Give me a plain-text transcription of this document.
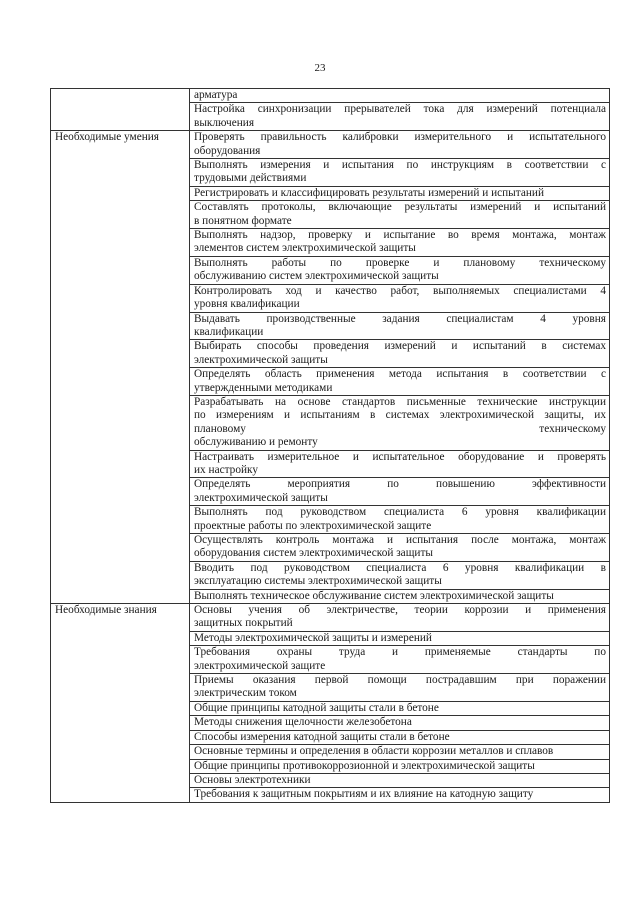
23

	арматура

	Настройка синхронизации прерывателей тока для измерений потенциала
выключения

Необходимые умения	Проверять правильность калибровки измерительного и испытательного
оборудования

	Выполнять измерения и испытания по инструкциям в соответствии с
трудовыми действиями

	Регистрировать и классифицировать результаты измерений и испытаний

	Составлять протоколы, включающие результаты измерений и испытаний
в понятном формате

	Выполнять надзор, проверку и испытание во время монтажа, монтаж
элементов систем электрохимической защиты

	Выполнять работы по проверке и плановому техническому
обслуживанию систем электрохимической защиты

	Контролировать ход и качество работ, выполняемых специалистами 4
уровня квалификации

	Выдавать производственные задания специалистам 4 уровня
квалификации

	Выбирать способы проведения измерений и испытаний в системах
электрохимической защиты

	Определять область применения метода испытания в соответствии с
утвержденными методиками

	Разрабатывать на основе стандартов письменные технические инструкции
по измерениям и испытаниям в системах электрохимической защиты, их
плановому техническому
обслуживанию и ремонту

	Настраивать измерительное и испытательное оборудование и проверять
их настройку

	Определять мероприятия по повышению эффективности
электрохимической защиты

	Выполнять под руководством специалиста 6 уровня квалификации
проектные работы по электрохимической защите

	Осуществлять контроль монтажа и испытания после монтажа, монтаж
оборудования систем электрохимической защиты

	Вводить под руководством специалиста 6 уровня квалификации в
эксплуатацию системы электрохимической защиты

	Выполнять техническое обслуживание систем электрохимической защиты

Необходимые знания	Основы учения об электричестве, теории коррозии и применения
защитных покрытий

	Методы электрохимической защиты и измерений

	Требования охраны труда и применяемые стандарты по
электрохимической защите

	Приемы оказания первой помощи пострадавшим при поражении
электрическим током

	Общие принципы катодной защиты стали в бетоне

	Методы снижения щелочности железобетона

	Способы измерения катодной защиты стали в бетоне

	Основные термины и определения в области коррозии металлов и сплавов

	Общие принципы противокоррозионной и электрохимической защиты

	Основы электротехники

	Требования к защитным покрытиям и их влияние на катодную защиту
